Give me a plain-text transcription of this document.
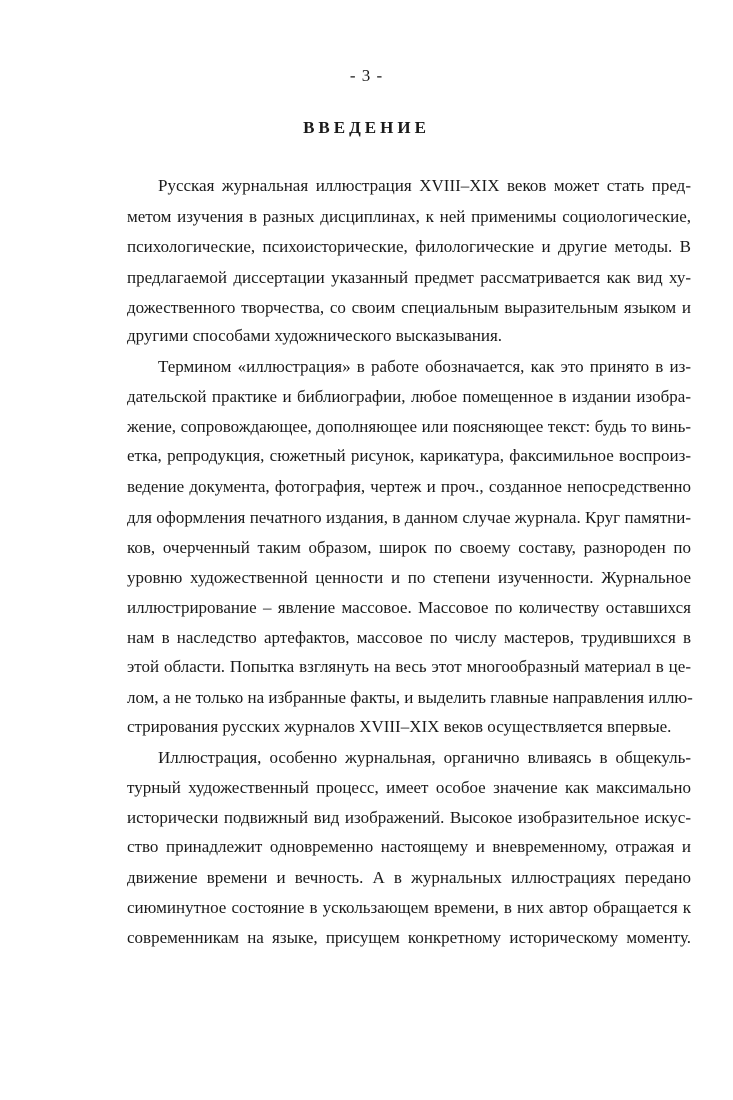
- 3 -
ВВЕДЕНИЕ
Русская журнальная иллюстрация XVIII–XIX веков может стать пред-
метом изучения в разных дисциплинах, к ней применимы социологические,
психологические, психоисторические, филологические и другие методы. В
предлагаемой диссертации указанный предмет рассматривается как вид ху-
дожественного творчества, со своим специальным выразительным языком и
другими способами художнического высказывания.
Термином «иллюстрация» в работе обозначается, как это принято в из-
дательской практике и библиографии, любое помещенное в издании изобра-
жение, сопровождающее, дополняющее или поясняющее текст: будь то винь-
етка, репродукция, сюжетный рисунок, карикатура, факсимильное воспроиз-
ведение документа, фотография, чертеж и проч., созданное непосредственно
для оформления печатного издания, в данном случае журнала. Круг памятни-
ков, очерченный таким образом, широк по своему составу, разнороден по
уровню художественной ценности и по степени изученности. Журнальное
иллюстрирование – явление массовое. Массовое по количеству оставшихся
нам в наследство артефактов, массовое по числу мастеров, трудившихся в
этой области. Попытка взглянуть на весь этот многообразный материал в це-
лом, а не только на избранные факты, и выделить главные направления иллю-
стрирования русских журналов XVIII–XIX веков осуществляется впервые.
Иллюстрация, особенно журнальная, органично вливаясь в общекуль-
турный художественный процесс, имеет особое значение как максимально
исторически подвижный вид изображений. Высокое изобразительное искус-
ство принадлежит одновременно настоящему и вневременному, отражая и
движение времени и вечность. А в журнальных иллюстрациях передано
сиюминутное состояние в ускользающем времени, в них автор обращается к
современникам на языке, присущем конкретному историческому моменту.
